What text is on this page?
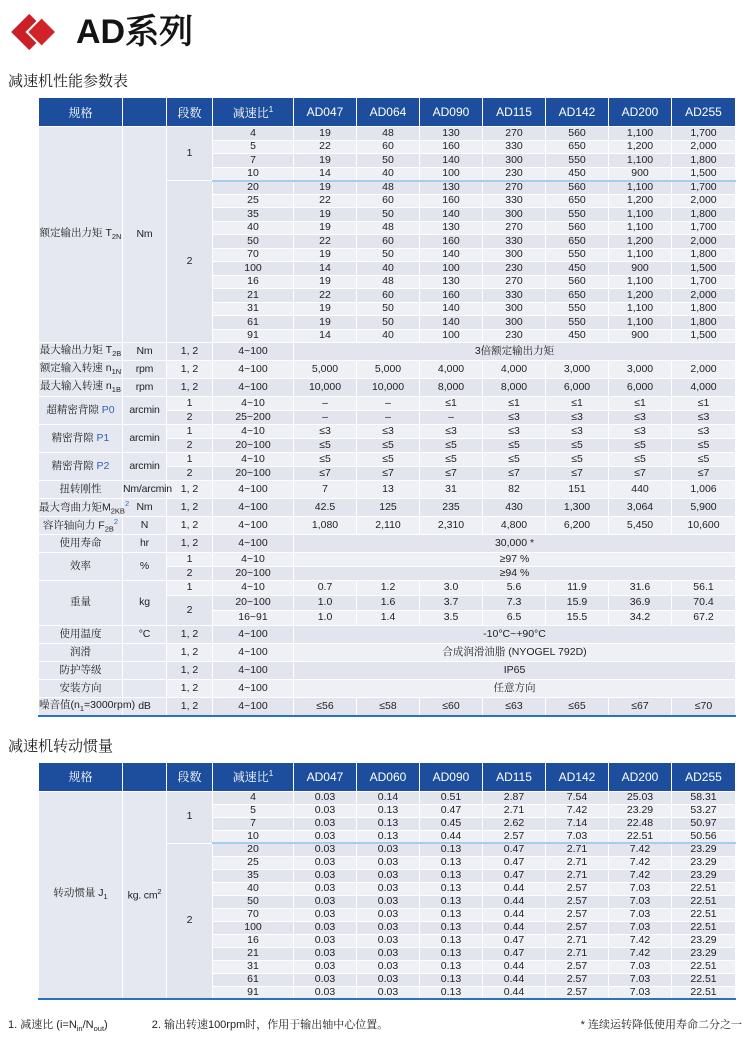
AD系列
减速机性能参数表
规格		段数	减速比$^1$	AD047	AD064	AD090	AD115	AD142	AD200	AD255
额定输出力矩 $T_{2N}$	Nm	1	4	19	48	130	270	560	1,100	1,700
			5	22	60	160	330	650	1,200	2,000
			7	19	50	140	300	550	1,100	1,800
			10	14	40	100	230	450	900	1,500
		2	20	19	48	130	270	560	1,100	1,700
			25	22	60	160	330	650	1,200	2,000
			35	19	50	140	300	550	1,100	1,800
			40	19	48	130	270	560	1,100	1,700
			50	22	60	160	330	650	1,200	2,000
			70	19	50	140	300	550	1,100	1,800
			100	14	40	100	230	450	900	1,500
			16	19	48	130	270	560	1,100	1,700
			21	22	60	160	330	650	1,200	2,000
			31	19	50	140	300	550	1,100	1,800
			61	19	50	140	300	550	1,100	1,800
			91	14	40	100	230	450	900	1,500
最大输出力矩 $T_{2B}$	Nm	1, 2	4~100	3倍额定输出力矩						
额定输入转速 $n_{1N}$	rpm	1, 2	4~100	5,000	5,000	4,000	4,000	3,000	3,000	2,000
最大输入转速 $n_{1B}$	rpm	1, 2	4~100	10,000	10,000	8,000	8,000	6,000	6,000	4,000
超精密背隙 P0	arcmin	1	4~10	–	–	≤1	≤1	≤1	≤1	≤1
		2	25~200	–	–	–	≤3	≤3	≤3	≤3
精密背隙 P1	arcmin	1	4~10	≤3	≤3	≤3	≤3	≤3	≤3	≤3
		2	20~100	≤5	≤5	≤5	≤5	≤5	≤5	≤5
精密背隙 P2	arcmin	1	4~10	≤5	≤5	≤5	≤5	≤5	≤5	≤5
		2	20~100	≤7	≤7	≤7	≤7	≤7	≤7	≤7
扭转刚性	Nm/arcmin	1, 2	4~100	7	13	31	82	151	440	1,006
最大弯曲力矩$M_{2KB}^2$	Nm	1, 2	4~100	42.5	125	235	430	1,300	3,064	5,900
容许轴向力 $F_{2B}^2$	N	1, 2	4~100	1,080	2,110	2,310	4,800	6,200	5,450	10,600
使用寿命	hr	1, 2	4~100	30,000 *						
效率	%	1	4~10	≥97 %						
		2	20~100	≥94 %						
重量	kg	1	4~10	0.7	1.2	3.0	5.6	11.9	31.6	56.1
		2	20~100	1.0	1.6	3.7	7.3	15.9	36.9	70.4
			16~91	1.0	1.4	3.5	6.5	15.5	34.2	67.2
使用温度	°C	1, 2	4~100	-10°C~+90°C						
润滑		1, 2	4~100	合成润滑油脂 (NYOGEL 792D)						
防护等级		1, 2	4~100	IP65						
安装方向		1, 2	4~100	任意方向						
噪音值$(n_1=3000rpm)$	dB	1, 2	4~100	≤56	≤58	≤60	≤63	≤65	≤67	≤70
减速机转动惯量
规格		段数	减速比$^1$	AD047	AD060	AD090	AD115	AD142	AD200	AD255
转动惯量 $J_1$	kg. $cm^2$	1	4	0.03	0.14	0.51	2.87	7.54	25.03	58.31
			5	0.03	0.13	0.47	2.71	7.42	23.29	53.27
			7	0.03	0.13	0.45	2.62	7.14	22.48	50.97
			10	0.03	0.13	0.44	2.57	7.03	22.51	50.56
		2	20	0.03	0.03	0.13	0.47	2.71	7.42	23.29
			25	0.03	0.03	0.13	0.47	2.71	7.42	23.29
			35	0.03	0.03	0.13	0.47	2.71	7.42	23.29
			40	0.03	0.03	0.13	0.44	2.57	7.03	22.51
			50	0.03	0.03	0.13	0.44	2.57	7.03	22.51
			70	0.03	0.03	0.13	0.44	2.57	7.03	22.51
			100	0.03	0.03	0.13	0.44	2.57	7.03	22.51
			16	0.03	0.03	0.13	0.47	2.71	7.42	23.29
			21	0.03	0.03	0.13	0.47	2.71	7.42	23.29
			31	0.03	0.03	0.13	0.44	2.57	7.03	22.51
			61	0.03	0.03	0.13	0.44	2.57	7.03	22.51
			91	0.03	0.03	0.13	0.44	2.57	7.03	22.51
1. 减速比 $(i=N_{in}/N_{out})$	2. 输出转速100rpm时，作用于输出轴中心位置。	* 连续运转降低使用寿命二分之一
